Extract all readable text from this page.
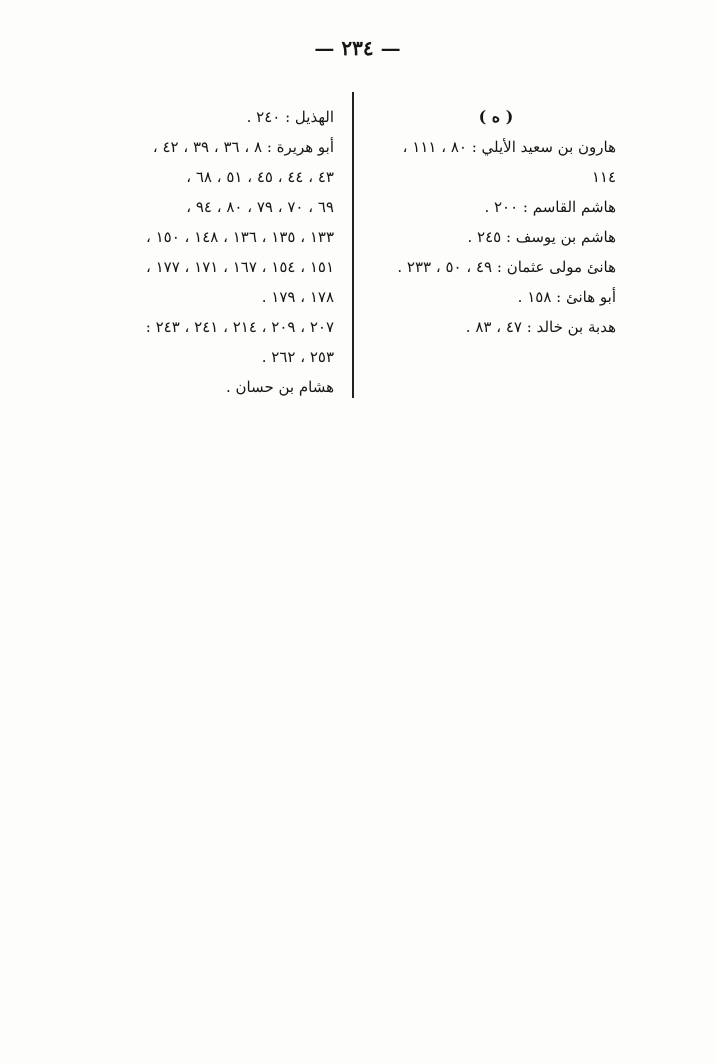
— ٢٣٤ —
( ه )
هارون بن سعيد الأيلي : ٨٠ ، ١١١ ،
١١٤
هاشم القاسم : ٢٠٠ .
هاشم بن يوسف : ٢٤٥ .
هانئ مولى عثمان : ٤٩ ، ٥٠ ، ٢٣٣ .
أبو هانئ : ١٥٨ .
هدبة بن خالد : ٤٧ ، ٨٣ .
الهذيل : ٢٤٠ .
أبو هريرة : ٨ ، ٣٦ ، ٣٩ ، ٤٢ ،
٤٣ ، ٤٤ ، ٤٥ ، ٥١ ، ٦٨ ،
٦٩ ، ٧٠ ، ٧٩ ، ٨٠ ، ٩٤ ،
١٣٣ ، ١٣٥ ، ١٣٦ ، ١٤٨ ، ١٥٠ ،
١٥١ ، ١٥٤ ، ١٦٧ ، ١٧١ ، ١٧٧ ،
١٧٨ ، ١٧٩ .
٢٠٧ ، ٢٠٩ ، ٢١٤ ، ٢٤١ ، ٢٤٣ :
٢٥٣ ، ٢٦٢ .
هشام بن حسان .
